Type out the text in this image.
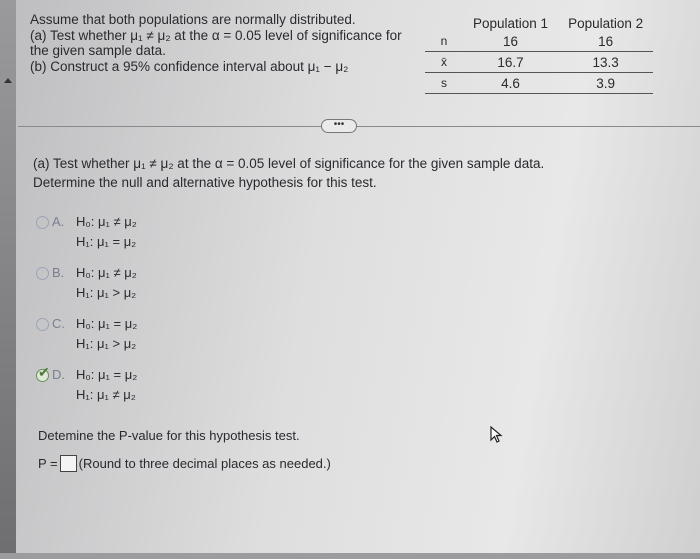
Assume that both populations are normally distributed.
(a) Test whether μ₁ ≠ μ₂ at the α = 0.05 level of significance for
the given sample data.
(b) Construct a 95% confidence interval about μ₁ − μ₂
	Population 1	Population 2
n	16	16
x̄	16.7	13.3
s	4.6	3.9
•••
(a) Test whether μ₁ ≠ μ₂ at the α = 0.05 level of significance for the given sample data.
Determine the null and alternative hypothesis for this test.
A. H₀: μ₁ ≠ μ₂
H₁: μ₁ = μ₂
B. H₀: μ₁ ≠ μ₂
H₁: μ₁ > μ₂
C. H₀: μ₁ = μ₂
H₁: μ₁ > μ₂
✔ D. H₀: μ₁ = μ₂
H₁: μ₁ ≠ μ₂
Detemine the P-value for this hypothesis test.
P = (Round to three decimal places as needed.)
